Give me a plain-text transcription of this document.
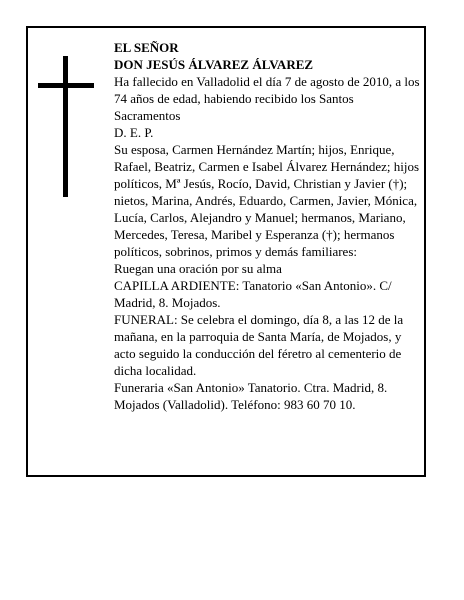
EL SEÑOR

DON JESÚS ÁLVAREZ ÁLVAREZ

Ha fallecido en Valladolid el día 7 de agosto de 2010, a los 74 años de edad, habiendo recibido los Santos Sacramentos

D. E. P.

Su esposa, Carmen Hernández Martín; hijos, Enrique, Rafael, Beatriz, Carmen e Isabel Álvarez Hernández; hijos políticos, Mª Jesús, Rocío, David, Christian y Javier (†); nietos, Marina, Andrés, Eduardo, Carmen, Javier, Mónica, Lucía, Carlos, Alejandro y Manuel; hermanos, Mariano, Mercedes, Teresa, Maribel y Esperanza (†); hermanos políticos, sobrinos, primos y demás familiares:

Ruegan una oración por su alma

CAPILLA ARDIENTE: Tanatorio «San Antonio». C/ Madrid, 8. Mojados.

FUNERAL: Se celebra el domingo, día 8, a las 12 de la mañana, en la parroquia de Santa María, de Mojados, y acto seguido la conducción del féretro al cementerio de dicha localidad.

Funeraria «San Antonio» Tanatorio. Ctra. Madrid, 8. Mojados (Valladolid). Teléfono: 983 60 70 10.
